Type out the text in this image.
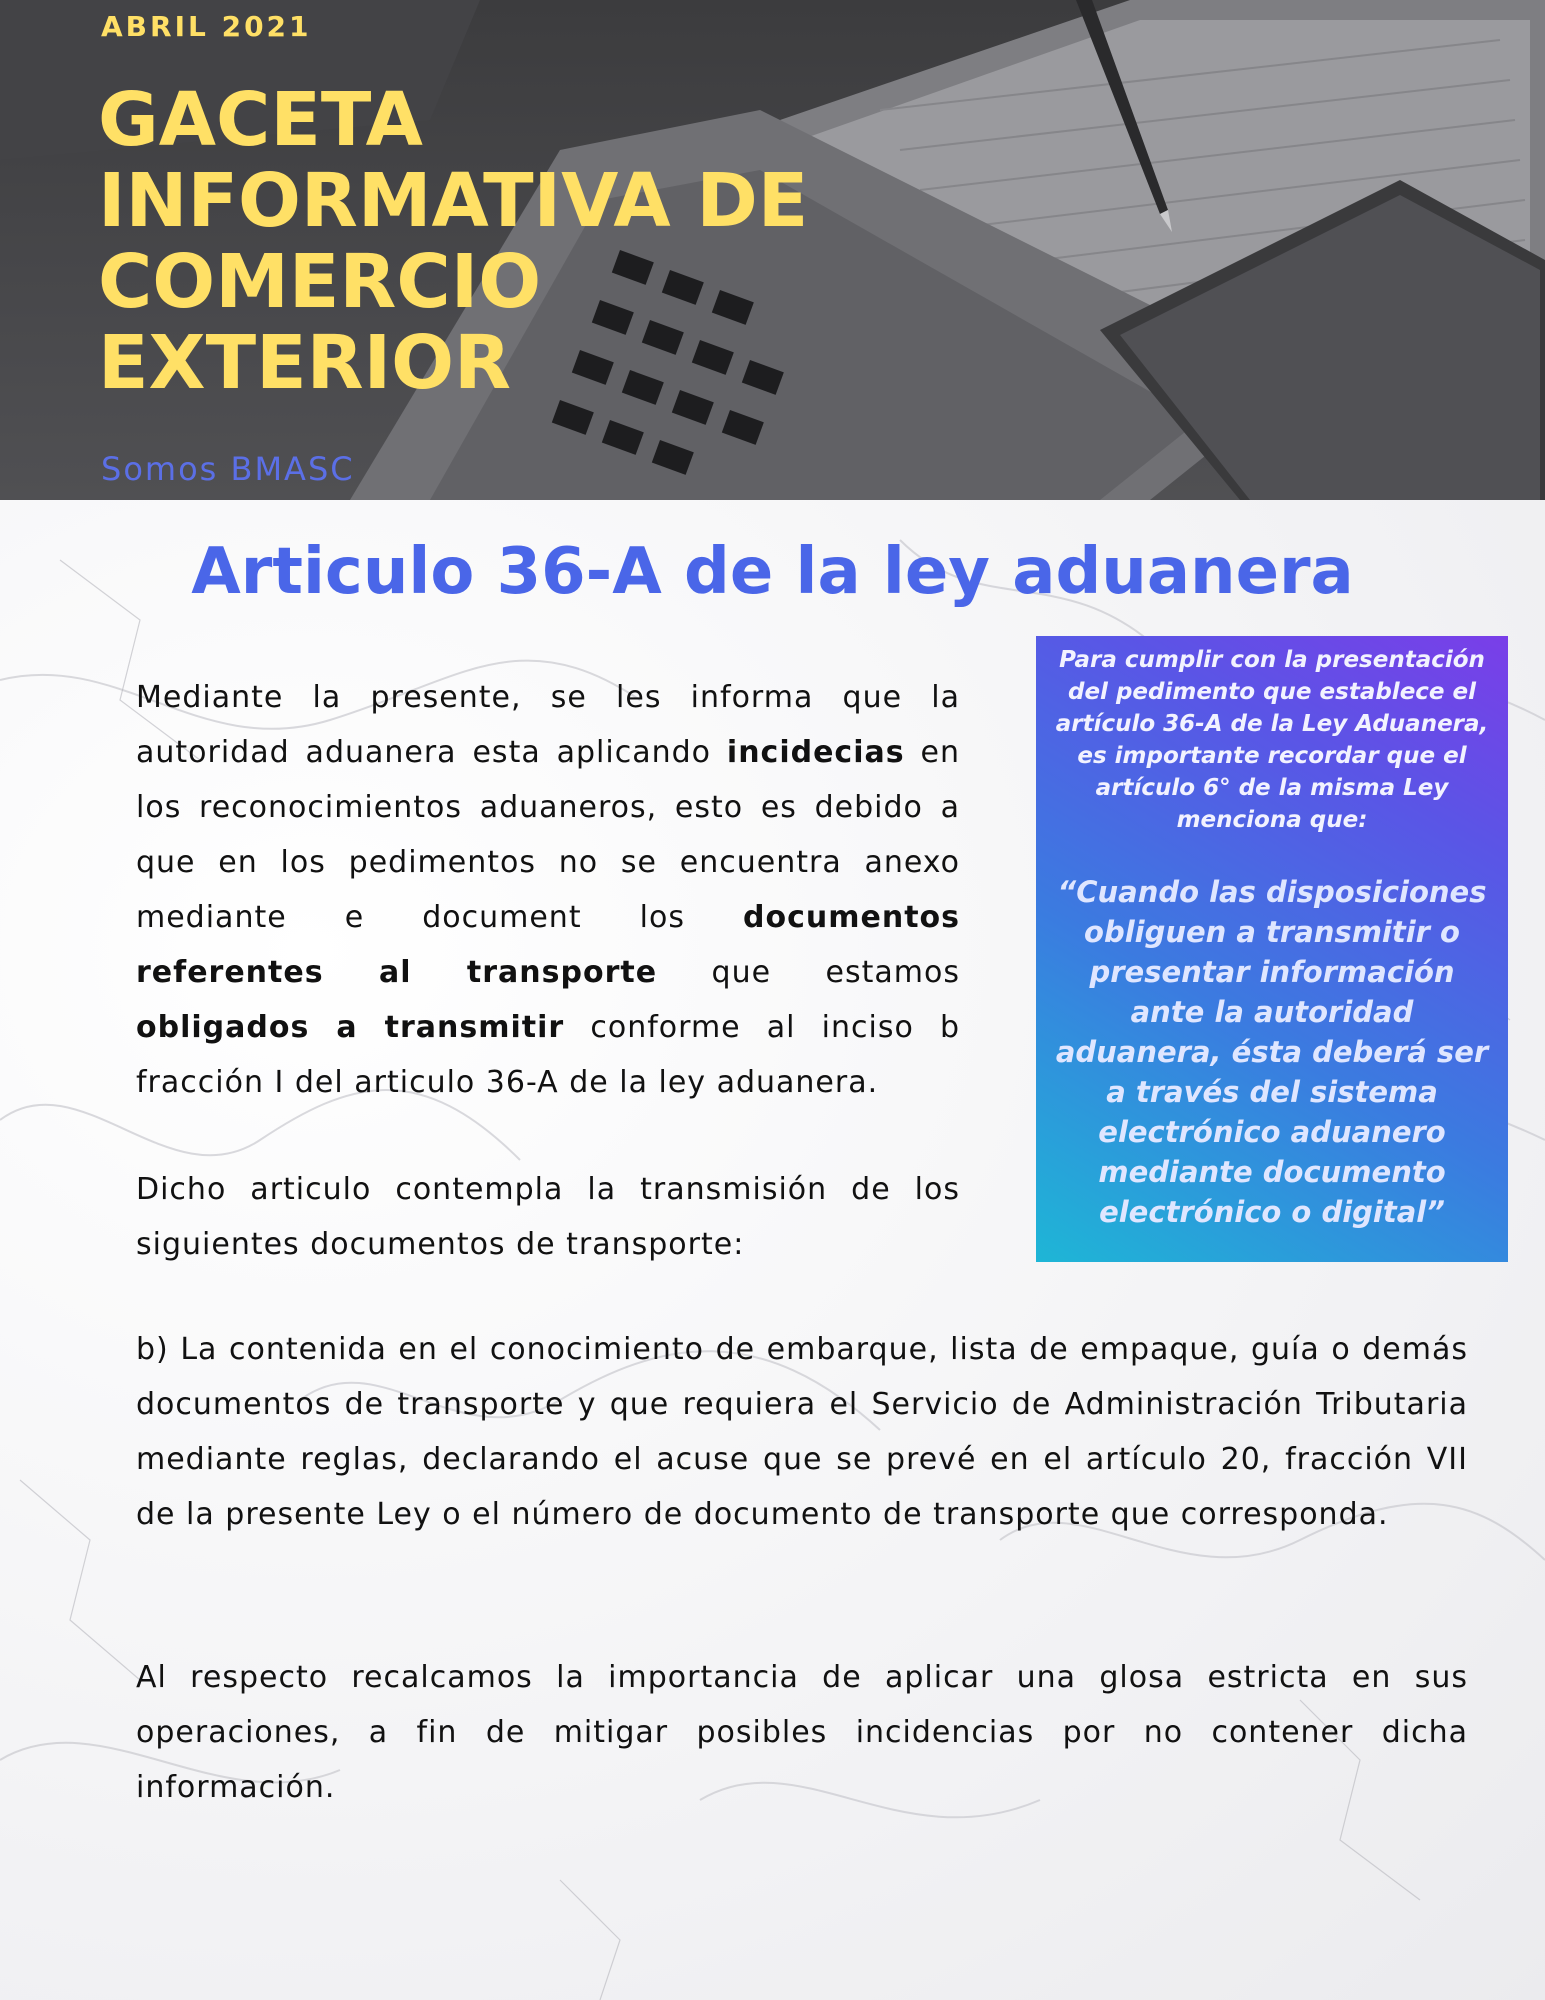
ABRIL 2021
GACETA
INFORMATIVA DE
COMERCIO
EXTERIOR
Somos BMASC
Articulo 36-A de la ley aduanera

Mediante la presente, se les informa que la autoridad aduanera esta aplicando incidecias en los reconocimientos aduaneros, esto es debido a que en los pedimentos no se encuentra anexo mediante e document los documentos referentes al transporte que estamos obligados a transmitir conforme al inciso b fracción I del articulo 36-A de la ley aduanera.

Dicho articulo contempla la transmisión de los siguientes documentos de transporte:

b) La contenida en el conocimiento de embarque, lista de empaque, guía o demás documentos de transporte y que requiera el Servicio de Administración Tributaria mediante reglas, declarando el acuse que se prevé en el artículo 20, fracción VII de la presente Ley o el número de documento de transporte que corresponda.

Al respecto recalcamos la importancia de aplicar una glosa estricta en sus operaciones, a fin de mitigar posibles incidencias por no contener dicha información.

Para cumplir con la presentación del pedimento que establece el artículo 36-A de la Ley Aduanera, es importante recordar que el artículo 6° de la misma Ley menciona que:

“Cuando las disposiciones obliguen a transmitir o presentar información ante la autoridad aduanera, ésta deberá ser a través del sistema electrónico aduanero mediante documento electrónico o digital”
